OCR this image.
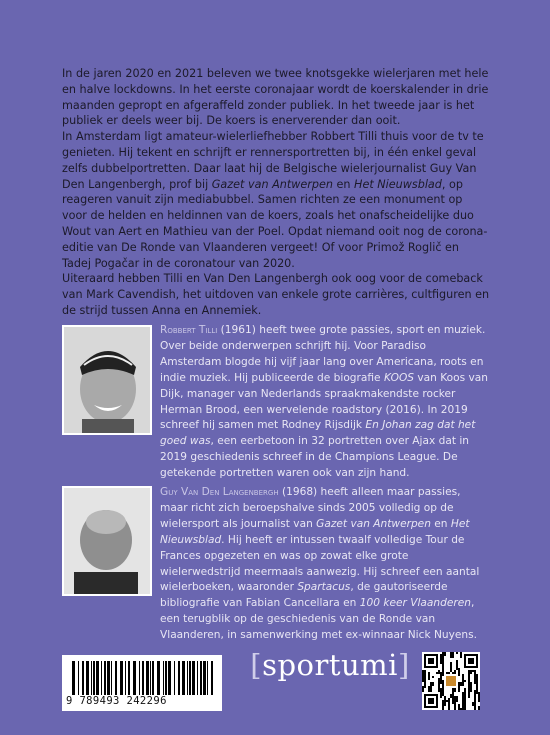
In de jaren 2020 en 2021 beleven we twee knotsgekke wielerjaren met hele en halve lockdowns. In het eerste coronajaar wordt de koerskalender in drie maanden gepropt en afgeraffeld zonder publiek. In het tweede jaar is het publiek er deels weer bij. De koers is enerverender dan ooit.

In Amsterdam ligt amateur-wielerliefhebber Robbert Tilli thuis voor de tv te genieten. Hij tekent en schrijft er rennersportretten bij, in één enkel geval zelfs dubbelportretten. Daar laat hij de Belgische wielerjournalist Guy Van Den Langenbergh, prof bij Gazet van Antwerpen en Het Nieuwsblad, op reageren vanuit zijn mediabubbel. Samen richten ze een monument op voor de helden en heldinnen van de koers, zoals het onafscheidelijke duo Wout van Aert en Mathieu van der Poel. Opdat niemand ooit nog de corona-editie van De Ronde van Vlaanderen vergeet! Of voor Primož Roglič en Tadej Pogačar in de coronatour van 2020.

Uiteraard hebben Tilli en Van Den Langenbergh ook oog voor de comeback van Mark Cavendish, het uitdoven van enkele grote carrières, cultfiguren en de strijd tussen Anna en Annemiek.

Robbert Tilli (1961) heeft twee grote passies, sport en muziek. Over beide onderwerpen schrijft hij. Voor Paradiso Amsterdam blogde hij vijf jaar lang over Americana, roots en indie muziek. Hij publiceerde de biografie KOOS van Koos van Dijk, manager van Nederlands spraakmakendste rocker Herman Brood, een wervelende roadstory (2016). In 2019 schreef hij samen met Rodney Rijsdijk En Johan zag dat het goed was, een eerbetoon in 32 portretten over Ajax dat in 2019 geschiedenis schreef in de Champions League. De getekende portretten waren ook van zijn hand.
Guy Van Den Langenbergh (1968) heeft alleen maar passies, maar richt zich beroepshalve sinds 2005 volledig op de wielersport als journalist van Gazet van Antwerpen en Het Nieuwsblad. Hij heeft er intussen twaalf volledige Tour de Frances opgezeten en was op zowat elke grote wielerwedstrijd meermaals aanwezig. Hij schreef een aantal wielerboeken, waaronder Spartacus, de gautoriseerde bibliografie van Fabian Cancellara en 100 keer Vlaanderen, een terugblik op de geschiedenis van de Ronde van Vlaanderen, in samenwerking met ex-winnaar Nick Nuyens.
9 789493 242296
[sportumi]
